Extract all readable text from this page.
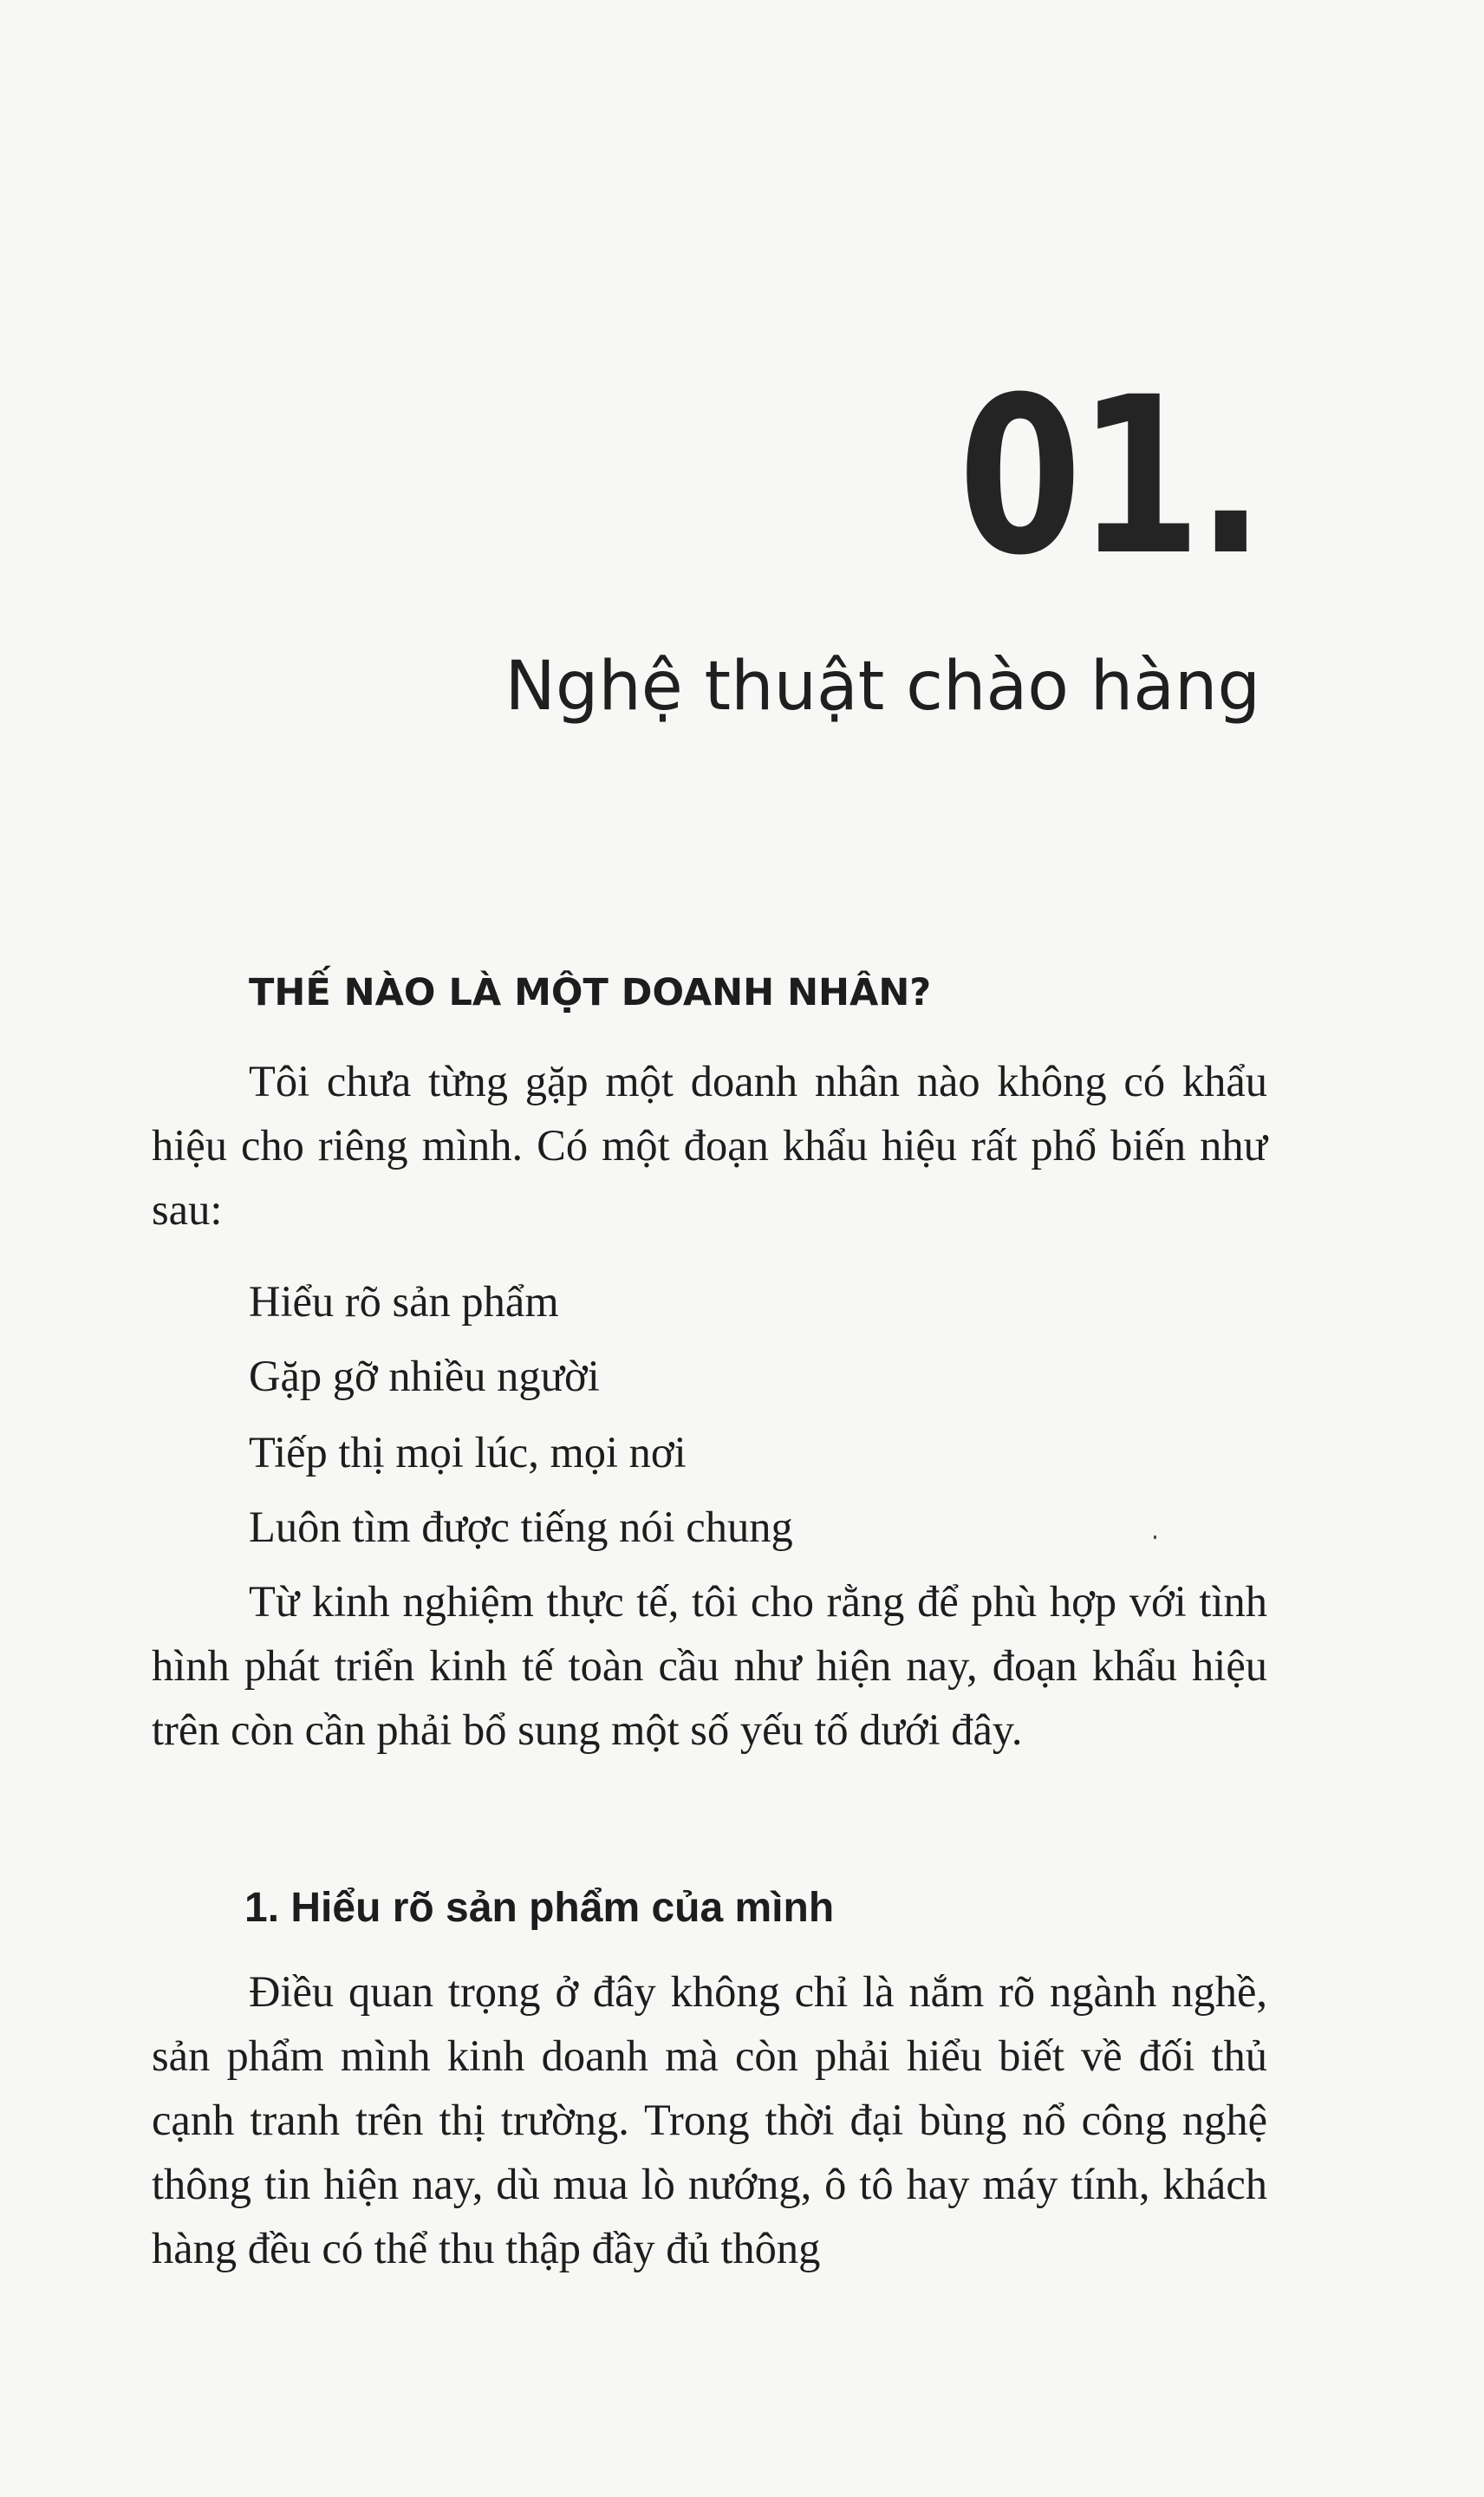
01.
Nghệ thuật chào hàng
THẾ NÀO LÀ MỘT DOANH NHÂN?

Tôi chưa từng gặp một doanh nhân nào không có khẩu hiệu cho riêng mình. Có một đoạn khẩu hiệu rất phổ biến như sau:

Hiểu rõ sản phẩm

Gặp gỡ nhiều người

Tiếp thị mọi lúc, mọi nơi

Luôn tìm được tiếng nói chung

Từ kinh nghiệm thực tế, tôi cho rằng để phù hợp với tình hình phát triển kinh tế toàn cầu như hiện nay, đoạn khẩu hiệu trên còn cần phải bổ sung một số yếu tố dưới đây.

1. Hiểu rõ sản phẩm của mình

Điều quan trọng ở đây không chỉ là nắm rõ ngành nghề, sản phẩm mình kinh doanh mà còn phải hiểu biết về đối thủ cạnh tranh trên thị trường. Trong thời đại bùng nổ công nghệ thông tin hiện nay, dù mua lò nướng, ô tô hay máy tính, khách hàng đều có thể thu thập đầy đủ thông
